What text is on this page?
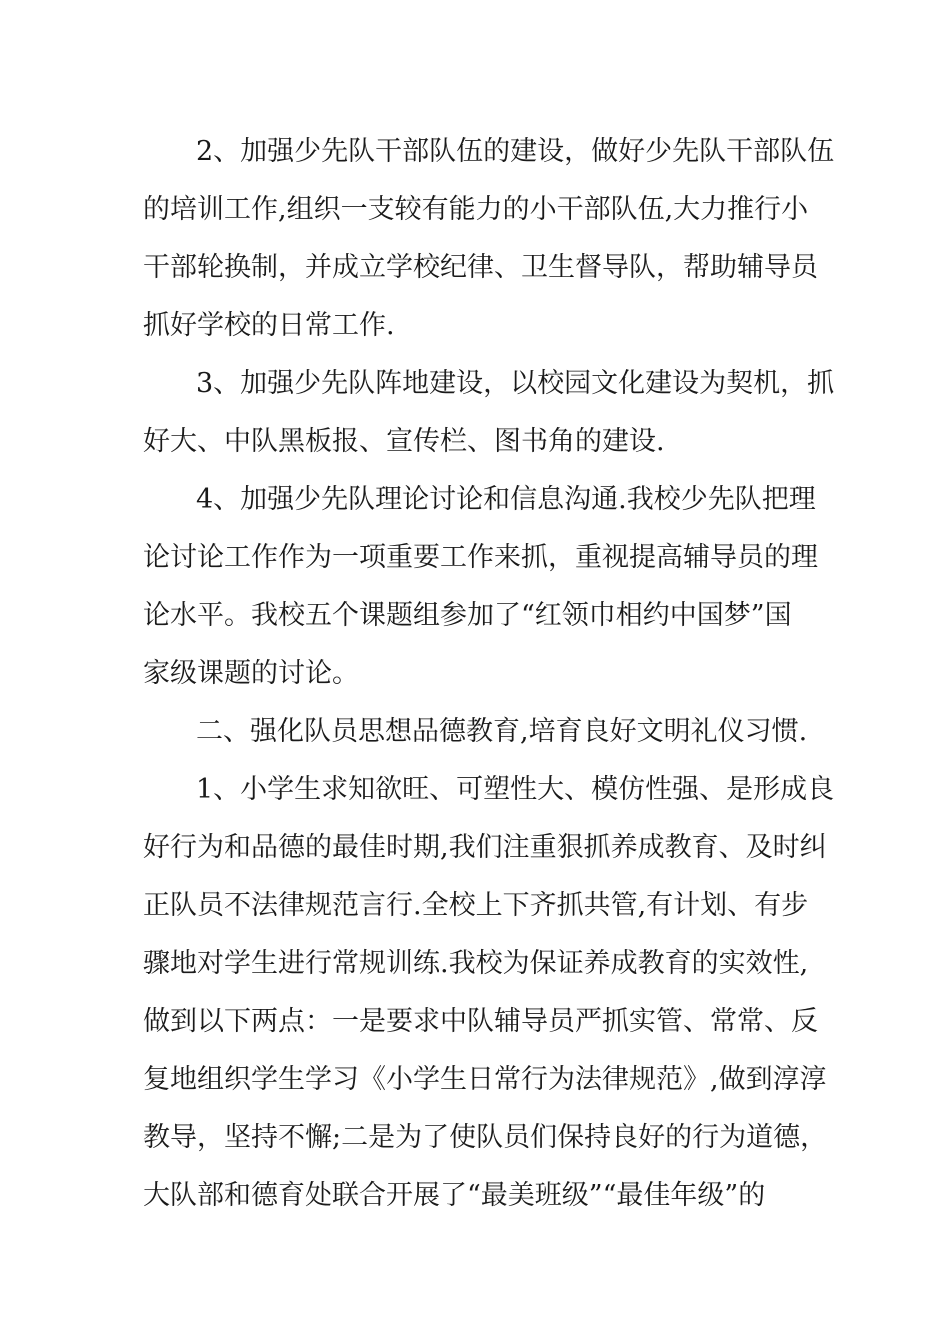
2、加强少先队干部队伍的建设，做好少先队干部队伍
的培训工作,组织一支较有能力的小干部队伍,大力推行小
干部轮换制，并成立学校纪律、卫生督导队，帮助辅导员
抓好学校的日常工作.
3、加强少先队阵地建设，以校园文化建设为契机，抓
好大、中队黑板报、宣传栏、图书角的建设.
4、加强少先队理论讨论和信息沟通.我校少先队把理
论讨论工作作为一项重要工作来抓，重视提高辅导员的理
论水平。我校五个课题组参加了“红领巾相约中国梦”国
家级课题的讨论。
二、强化队员思想品德教育,培育良好文明礼仪习惯.
1、小学生求知欲旺、可塑性大、模仿性强、是形成良
好行为和品德的最佳时期,我们注重狠抓养成教育、及时纠
正队员不法律规范言行.全校上下齐抓共管,有计划、有步
骤地对学生进行常规训练.我校为保证养成教育的实效性,
做到以下两点：一是要求中队辅导员严抓实管、常常、反
复地组织学生学习《小学生日常行为法律规范》,做到淳淳
教导，坚持不懈;二是为了使队员们保持良好的行为道德，
大队部和德育处联合开展了“最美班级”“最佳年级”的
